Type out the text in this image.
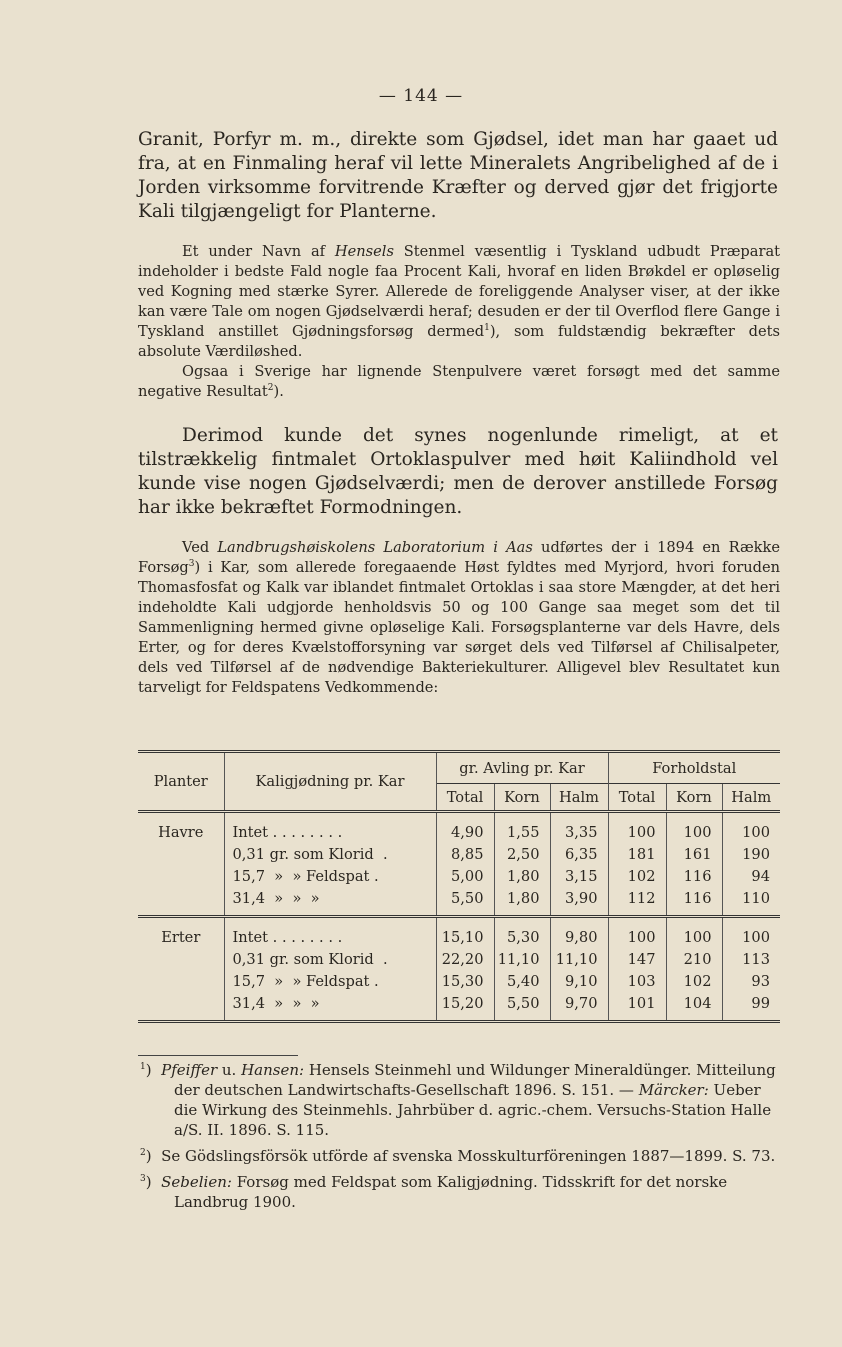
— 144 —

Granit, Porfyr m. m., direkte som Gjødsel, idet man har gaaet ud fra, at en Finmaling heraf vil lette Mineralets Angribelighed af de i Jorden virksomme forvitrende Kræfter og derved gjør det frigjorte Kali tilgjængeligt for Planterne.

Et under Navn af Hensels Stenmel væsentlig i Tyskland udbudt Præparat indeholder i bedste Fald nogle faa Procent Kali, hvoraf en liden Brøkdel er opløselig ved Kogning med stærke Syrer. Allerede de foreliggende Analyser viser, at der ikke kan være Tale om nogen Gjødselværdi heraf; desuden er der til Overflod flere Gange i Tyskland anstillet Gjødningsforsøg dermed$^1$), som fuldstændig bekræfter dets absolute Værdiløshed.

Ogsaa i Sverige har lignende Stenpulvere været forsøgt med det samme negative Resultat$^2$).

Derimod kunde det synes nogenlunde rimeligt, at et tilstrækkelig fintmalet Ortoklaspulver med høit Kaliindhold vel kunde vise nogen Gjødselværdi; men de derover anstillede Forsøg har ikke bekræftet Formodningen.

Ved Landbrugshøiskolens Laboratorium i Aas udførtes der i 1894 en Række Forsøg$^3$) i Kar, som allerede foregaaende Høst fyldtes med Myrjord, hvori foruden Thomasfosfat og Kalk var iblandet fintmalet Ortoklas i saa store Mængder, at det heri indeholdte Kali udgjorde henholdsvis 50 og 100 Gange saa meget som det til Sammenligning hermed givne opløselige Kali. Forsøgsplanterne var dels Havre, dels Erter, og for deres Kvælstofforsyning var sørget dels ved Tilførsel af Chilisalpeter, dels ved Tilførsel af de nødvendige Bakteriekulturer. Alligevel blev Resultatet kun tarveligt for Feldspatens Vedkommende:

Planter	Kaligjødning pr. Kar	gr. Avling pr. Kar			Forholdstal		
		Total	Korn	Halm	Total	Korn	Halm

Havre	Intet . . . . . . . .	4,90	1,55	3,35	100	100	100
	0,31 gr. som Klorid  .	8,85	2,50	6,35	181	161	190
	15,7  »  » Feldspat .	5,00	1,80	3,15	102	116	94
	31,4  »  »  »	5,50	1,80	3,90	112	116	110

Erter	Intet . . . . . . . .	15,10	5,30	9,80	100	100	100
	0,31 gr. som Klorid  .	22,20	11,10	11,10	147	210	113
	15,7  »  » Feldspat .	15,30	5,40	9,10	103	102	93
	31,4  »  »  »	15,20	5,50	9,70	101	104	99

$^1$)  Pfeiffer u. Hansen: Hensels Steinmehl und Wildunger Mineraldünger. Mitteilung der deutschen Landwirtschafts-Gesellschaft 1896. S. 151. — Märcker: Ueber die Wirkung des Steinmehls. Jahrbüber d. agric.-chem. Versuchs-Station Halle a/S. II. 1896. S. 115.

$^2$)  Se Gödslingsförsök utförde af svenska Mosskulturföreningen 1887—1899. S. 73.

$^3$)  Sebelien: Forsøg med Feldspat som Kaligjødning. Tidsskrift for det norske Landbrug 1900.
